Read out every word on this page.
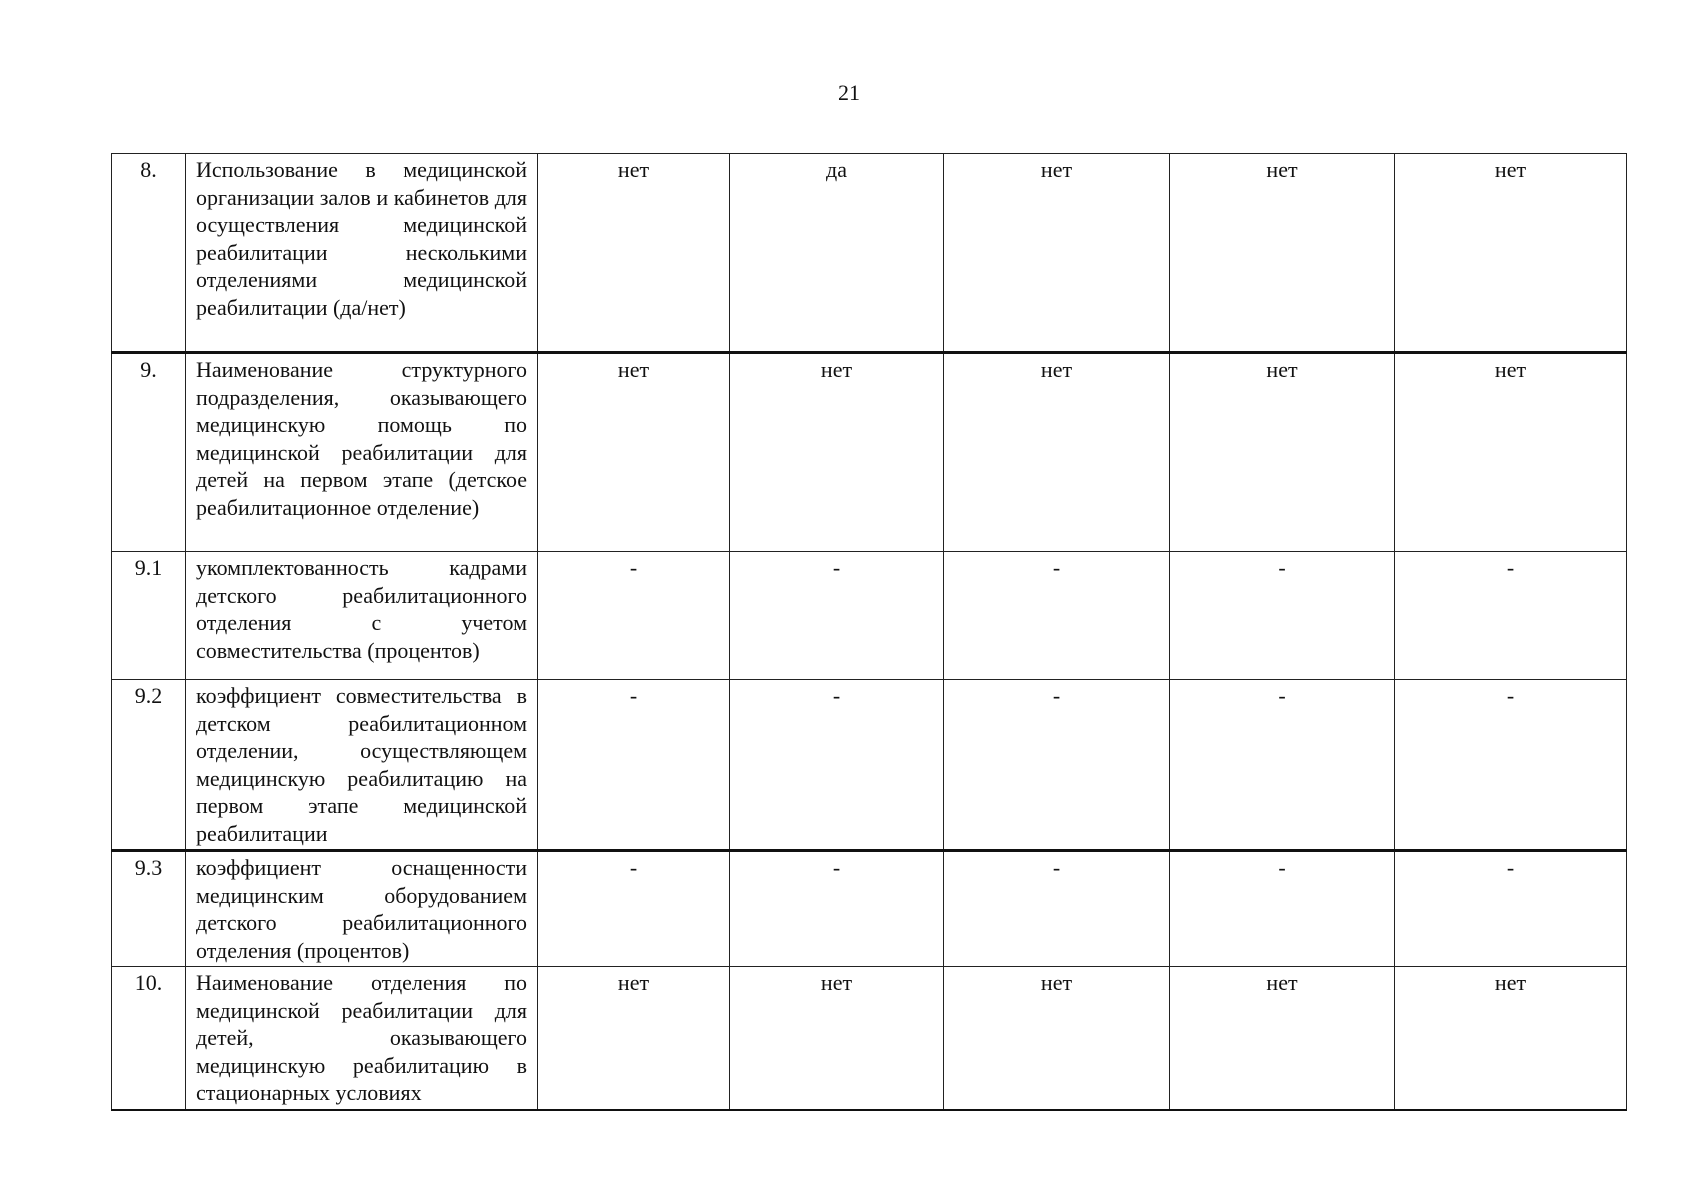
21
8.	Использование в медицинской организации залов и кабинетов для осуществления медицинской реабилитации несколькими отделениями медицинской реабилитации (да/нет)	нет	да	нет	нет	нет
9.	Наименование структурного подразделения, оказывающего медицинскую помощь по медицинской реабилитации для детей на первом этапе (детское реабилитационное отделение)	нет	нет	нет	нет	нет
9.1	укомплектованность кадрами детского реабилитационного отделения с учетом совместительства (процентов)	-	-	-	-	-
9.2	коэффициент совместительства в детском реабилитационном отделении, осуществляющем медицинскую реабилитацию на первом этапе медицинской реабилитации	-	-	-	-	-
9.3	коэффициент оснащенности медицинским оборудованием детского реабилитационного отделения (процентов)	-	-	-	-	-
10.	Наименование отделения по медицинской реабилитации для детей, оказывающего медицинскую реабилитацию в стационарных условиях	нет	нет	нет	нет	нет
